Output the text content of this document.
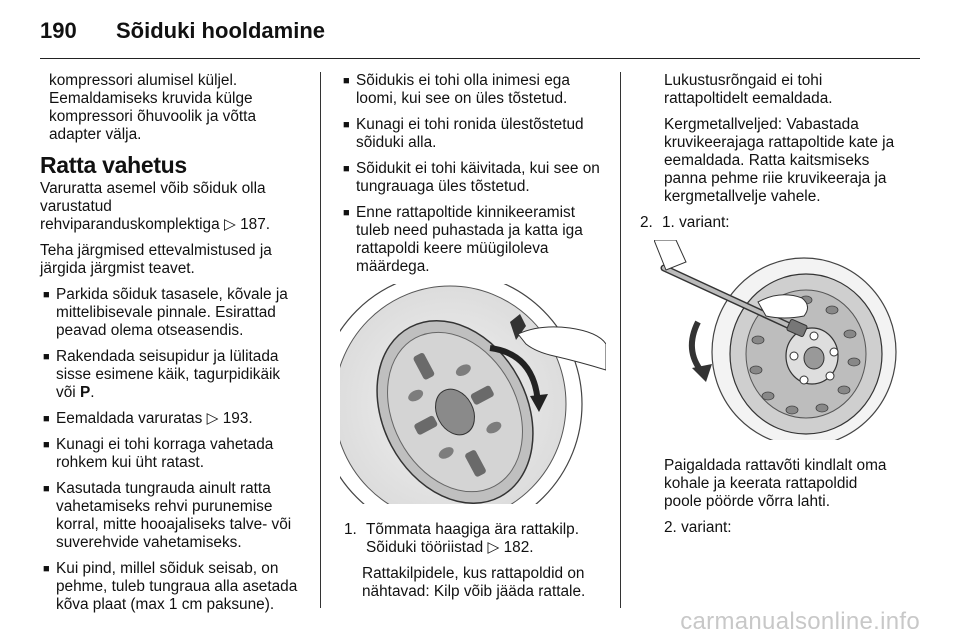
190 Sõiduki hooldamine
kompressori alumisel küljel.
Eemaldamiseks kruvida külge
kompressori õhuvoolik ja võtta
adapter välja.
Ratta vahetus
Varuratta asemel võib sõiduk olla
varustatud
rehviparanduskomplektiga ▷ 187.
Teha järgmised ettevalmistused ja
järgida järgmist teavet.
■ Parkida sõiduk tasasele, kõvale ja
mittelibisevale pinnale. Esirattad
peavad olema otseasendis.
■ Rakendada seisupidur ja lülitada
sisse esimene käik, tagurpidikäik
või P.
■ Eemaldada varuratas ▷ 193.
■ Kunagi ei tohi korraga vahetada
rohkem kui üht ratast.
■ Kasutada tungrauda ainult ratta
vahetamiseks rehvi purunemise
korral, mitte hooajaliseks talve- või
suverehvide vahetamiseks.
■ Kui pind, millel sõiduk seisab, on
pehme, tuleb tungraua alla asetada
kõva plaat (max 1 cm paksune).
■ Sõidukis ei tohi olla inimesi ega
loomi, kui see on üles tõstetud.
■ Kunagi ei tohi ronida ülestõstetud
sõiduki alla.
■ Sõidukit ei tohi käivitada, kui see on
tungrauaga üles tõstetud.
■ Enne rattapoltide kinnikeeramist
tuleb need puhastada ja katta iga
rattapoldi keere müügiloleva
määrdega.
1. Tõmmata haagiga ära rattakilp.
Sõiduki tööriistad ▷ 182.
Rattakilpidele, kus rattapoldid on
nähtavad: Kilp võib jääda rattale.
Lukustusrõngaid ei tohi
rattapoltidelt eemaldada.
Kergmetallveljed: Vabastada
kruvikeerajaga rattapoltide kate ja
eemaldada. Ratta kaitsmiseks
panna pehme riie kruvikeeraja ja
kergmetallvelje vahele.
2. 1. variant:
Paigaldada rattavõti kindlalt oma
kohale ja keerata rattapoldid
poole pöörde võrra lahti.
2. variant:
carmanualsonline.info
